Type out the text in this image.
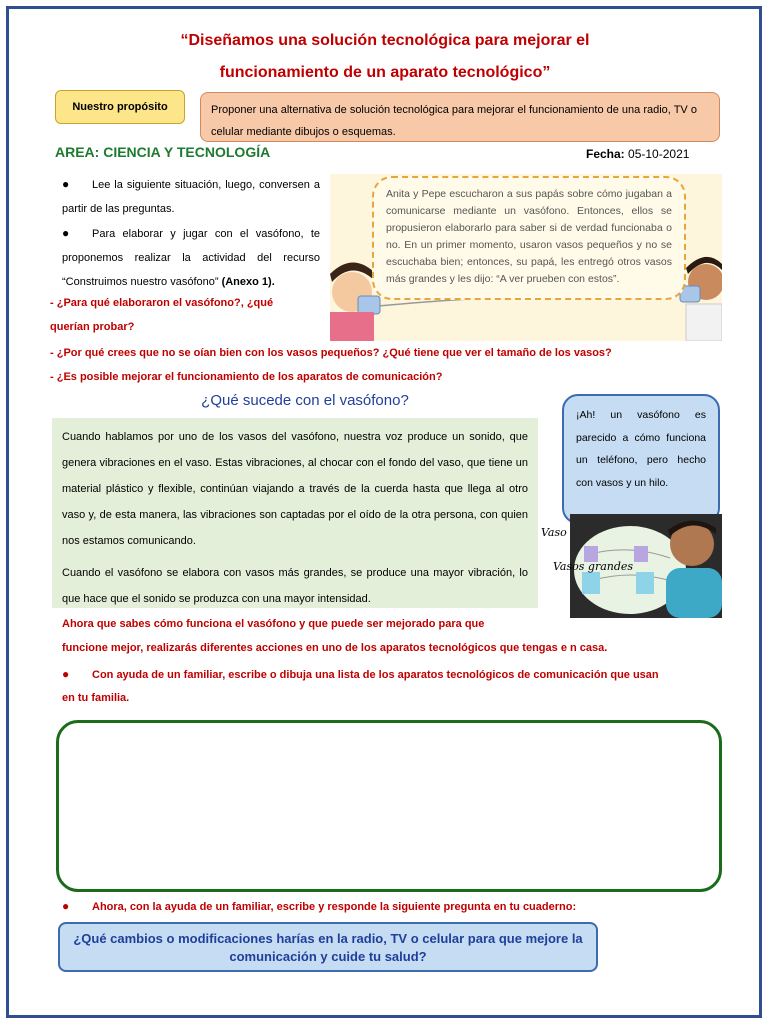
“Diseñamos una solución tecnológica para mejorar el
funcionamiento de un aparato tecnológico”
Nuestro propósito	Proponer una alternativa de solución tecnológica para mejorar el funcionamiento de una radio, TV o celular mediante dibujos o esquemas.
AREA: CIENCIA Y TECNOLOGÍA	Fecha: 05-10-2021

● Lee la siguiente situación, luego, conversen a partir de las preguntas.

● Para elaborar y jugar con el vasófono, te proponemos realizar la actividad del recurso “Construimos nuestro vasófono” (Anexo 1).

Anita y Pepe escucharon a sus papás sobre cómo jugaban a comunicarse mediante un vasófono. Entonces, ellos se propusieron elaborarlo para saber si de verdad funcionaba o no. En un primer momento, usaron vasos pequeños y no se escuchaba bien; entonces, su papá, les entregó otros vasos más grandes y les dijo: “A ver prueben con estos”.
- ¿Para qué elaboraron el vasófono?, ¿qué
querían probar?
- ¿Por qué crees que no se oían bien con los vasos pequeños? ¿Qué tiene que ver el tamaño de los vasos?
- ¿Es posible mejorar el funcionamiento de los aparatos de comunicación?
¿Qué sucede con el vasófono?

Cuando hablamos por uno de los vasos del vasófono, nuestra voz produce un sonido, que genera vibraciones en el vaso. Estas vibraciones, al chocar con el fondo del vaso, que tiene un material plástico y flexible, continúan viajando a través de la cuerda hasta que llega al otro vaso y, de esta manera, las vibraciones son captadas por el oído de la otra persona, con quien nos estamos comunicando.

Cuando el vasófono se elabora con vasos más grandes, se produce una mayor vibración, lo que hace que el sonido se produzca con una mayor intensidad.

¡Ah! un vasófono es parecido a cómo funciona un teléfono, pero hecho con vasos y un hilo.
Vaso
Vasos grandes
Ahora que sabes cómo funciona el vasófono y que puede ser mejorado para que
funcione mejor, realizarás diferentes acciones en uno de los aparatos tecnológicos que tengas e n casa.
● Con ayuda de un familiar, escribe o dibuja una lista de los aparatos tecnológicos de comunicación que usan
en tu familia.
● Ahora, con la ayuda de un familiar, escribe y responde la siguiente pregunta en tu cuaderno:
¿Qué cambios o modificaciones harías en la radio, TV o celular para que mejore la comunicación y cuide tu salud?
